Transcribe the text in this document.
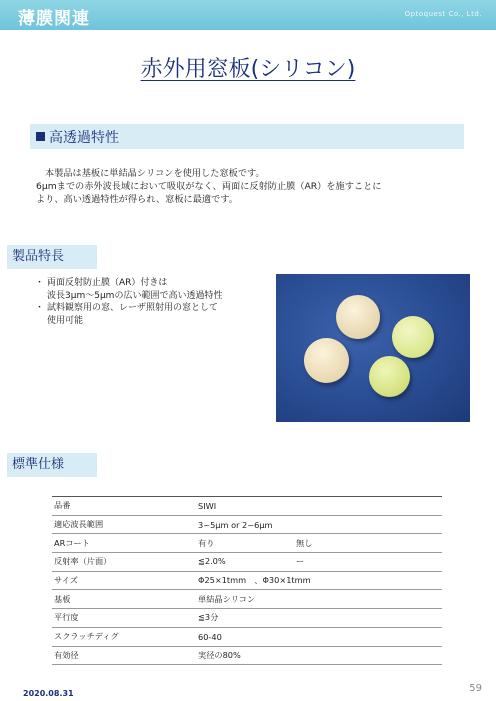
薄膜関連	Optoquest Co., Ltd.
赤外用窓板(シリコン)
高透過特性

本製品は基板に単結晶シリコンを使用した窓板です。

6μmまでの赤外波長域において吸収がなく、両面に反射防止膜（AR）を施すことに

より、高い透過特性が得られ、窓板に最適です。

製品特長
・ 両面反射防止膜（AR）付きは
波長3μm～5μmの広い範囲で高い透過特性
・ 試料観察用の窓、レーザ照射用の窓として
使用可能
標準仕様
品番	SIWI
適応波長範囲	3~5μm or 2~6μm
ARコート	有り 無し
反射率（片面）	≦2.0% ー
サイズ	Φ25×1tmm　、Φ30×1tmm
基板	単結晶シリコン
平行度	≦3分
スクラッチディグ	60-40
有効径	実径の80%
2020.08.31	59
